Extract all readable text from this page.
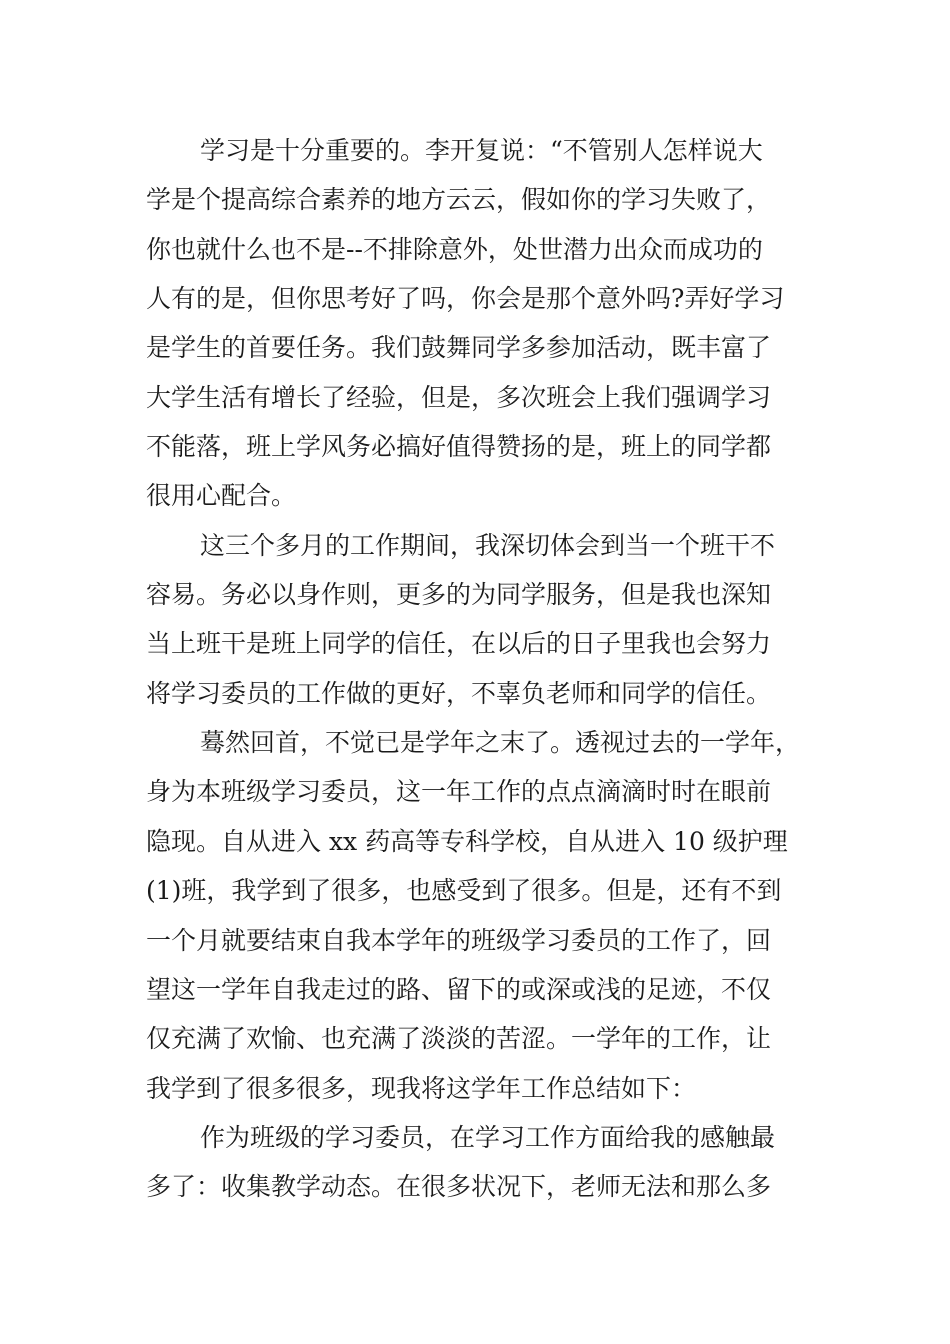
学习是十分重要的。李开复说：“不管别人怎样说大
学是个提高综合素养的地方云云，假如你的学习失败了，
你也就什么也不是--不排除意外，处世潜力出众而成功的
人有的是，但你思考好了吗，你会是那个意外吗?弄好学习
是学生的首要任务。我们鼓舞同学多参加活动，既丰富了
大学生活有增长了经验，但是，多次班会上我们强调学习
不能落，班上学风务必搞好值得赞扬的是，班上的同学都
很用心配合。
这三个多月的工作期间，我深切体会到当一个班干不
容易。务必以身作则，更多的为同学服务，但是我也深知
当上班干是班上同学的信任，在以后的日子里我也会努力
将学习委员的工作做的更好，不辜负老师和同学的信任。
蓦然回首，不觉已是学年之末了。透视过去的一学年，
身为本班级学习委员，这一年工作的点点滴滴时时在眼前
隐现。自从进入 xx 药高等专科学校，自从进入 10 级护理
(1)班，我学到了很多，也感受到了很多。但是，还有不到
一个月就要结束自我本学年的班级学习委员的工作了，回
望这一学年自我走过的路、留下的或深或浅的足迹，不仅
仅充满了欢愉、也充满了淡淡的苦涩。一学年的工作，让
我学到了很多很多，现我将这学年工作总结如下：
作为班级的学习委员，在学习工作方面给我的感触最
多了：收集教学动态。在很多状况下，老师无法和那么多
